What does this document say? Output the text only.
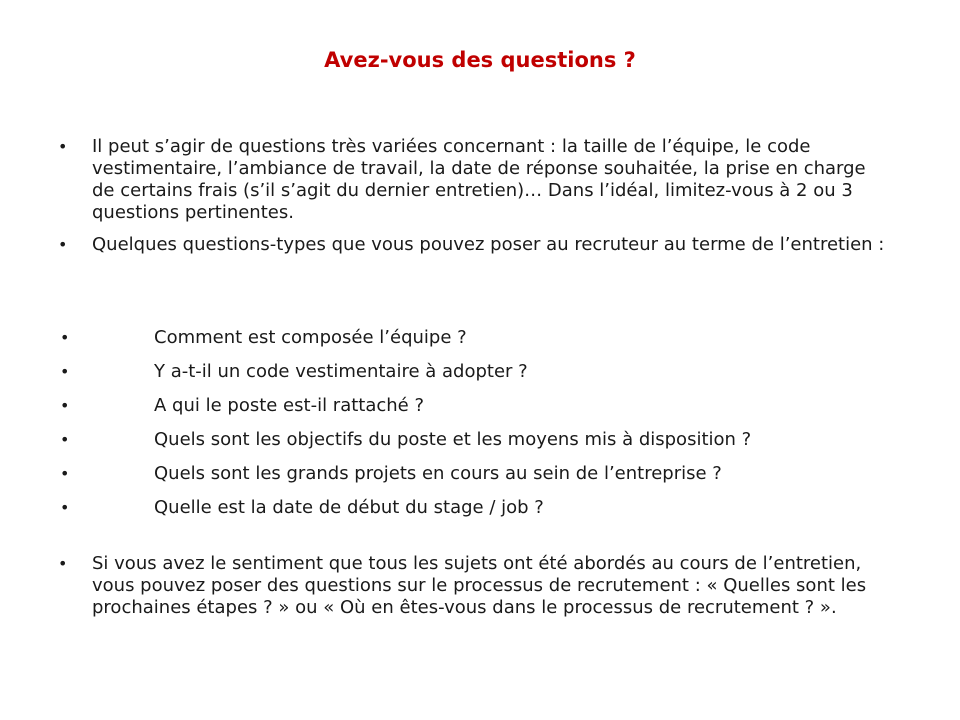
Avez-vous des questions ?
•	Il peut s’agir de questions très variées concernant : la taille de l’équipe, le code vestimentaire, l’ambiance de travail, la date de réponse souhaitée, la prise en charge de certains frais (s’il s’agit du dernier entretien)… Dans l’idéal, limitez-vous à 2 ou 3 questions pertinentes.
•	Quelques questions-types que vous pouvez poser au recruteur au terme de l’entretien :
•	Comment est composée l’équipe ?
•	Y a-t-il un code vestimentaire à adopter ?
•	A qui le poste est-il rattaché ?
•	Quels sont les objectifs du poste et les moyens mis à disposition ?
•	Quels sont les grands projets en cours au sein de l’entreprise ?
•	Quelle est la date de début du stage / job ?
•	Si vous avez le sentiment que tous les sujets ont été abordés au cours de l’entretien, vous pouvez poser des questions sur le processus de recrutement : « Quelles sont les prochaines étapes ? » ou « Où en êtes-vous dans le processus de recrutement ? ».
